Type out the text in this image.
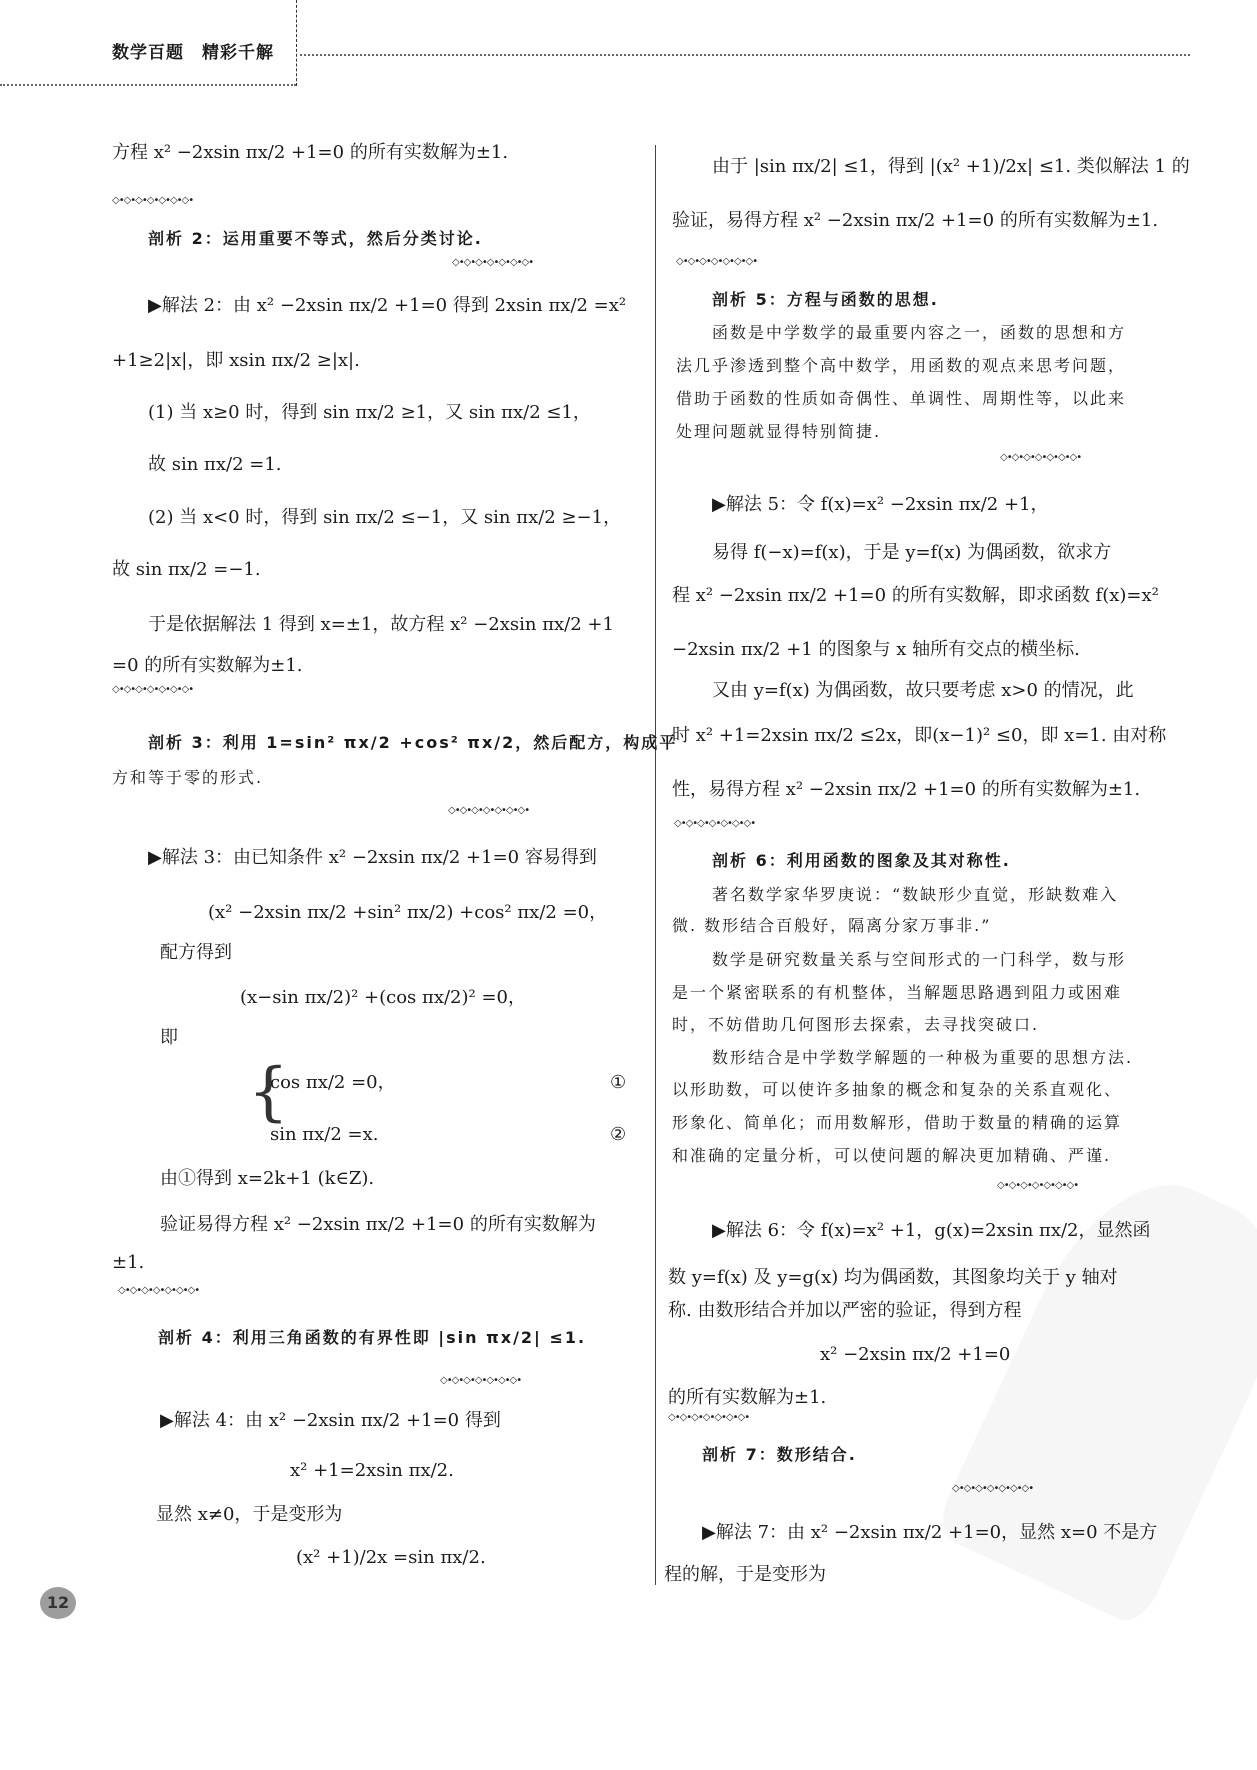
数学百题　精彩千解
方程 x² −2xsin πx/2 +1=0 的所有实数解为±1.
◇•◇•◇•◇•◇•◇•◇•
剖析 2：运用重要不等式，然后分类讨论.
◇•◇•◇•◇•◇•◇•◇•
▶解法 2：由 x² −2xsin πx/2 +1=0 得到 2xsin πx/2 =x²
+1≥2|x|，即 xsin πx/2 ≥|x|.
(1) 当 x≥0 时，得到 sin πx/2 ≥1，又 sin πx/2 ≤1，
故 sin πx/2 =1.
(2) 当 x<0 时，得到 sin πx/2 ≤−1，又 sin πx/2 ≥−1，
故 sin πx/2 =−1.
于是依据解法 1 得到 x=±1，故方程 x² −2xsin πx/2 +1
=0 的所有实数解为±1.
◇•◇•◇•◇•◇•◇•◇•
剖析 3：利用 1=sin² πx/2 +cos² πx/2，然后配方，构成平
方和等于零的形式.
◇•◇•◇•◇•◇•◇•◇•
▶解法 3：由已知条件 x² −2xsin πx/2 +1=0 容易得到
(x² −2xsin πx/2 +sin² πx/2) +cos² πx/2 =0，
配方得到
(x−sin πx/2)² +(cos πx/2)² =0，
即
{
cos πx/2 =0，	①
sin πx/2 =x.	②
由①得到 x=2k+1 (k∈Z).
验证易得方程 x² −2xsin πx/2 +1=0 的所有实数解为
±1.
◇•◇•◇•◇•◇•◇•◇•
剖析 4：利用三角函数的有界性即 |sin πx/2| ≤1.
◇•◇•◇•◇•◇•◇•◇•
▶解法 4：由 x² −2xsin πx/2 +1=0 得到
x² +1=2xsin πx/2.
显然 x≠0，于是变形为
(x² +1)/2x =sin πx/2.
由于 |sin πx/2| ≤1，得到 |(x² +1)/2x| ≤1. 类似解法 1 的
验证，易得方程 x² −2xsin πx/2 +1=0 的所有实数解为±1.
◇•◇•◇•◇•◇•◇•◇•
剖析 5：方程与函数的思想.
函数是中学数学的最重要内容之一，函数的思想和方
法几乎渗透到整个高中数学，用函数的观点来思考问题，
借助于函数的性质如奇偶性、单调性、周期性等，以此来
处理问题就显得特别简捷.
◇•◇•◇•◇•◇•◇•◇•
▶解法 5：令 f(x)=x² −2xsin πx/2 +1，
易得 f(−x)=f(x)，于是 y=f(x) 为偶函数，欲求方
程 x² −2xsin πx/2 +1=0 的所有实数解，即求函数 f(x)=x²
−2xsin πx/2 +1 的图象与 x 轴所有交点的横坐标.
又由 y=f(x) 为偶函数，故只要考虑 x>0 的情况，此
时 x² +1=2xsin πx/2 ≤2x，即(x−1)² ≤0，即 x=1. 由对称
性，易得方程 x² −2xsin πx/2 +1=0 的所有实数解为±1.
◇•◇•◇•◇•◇•◇•◇•
剖析 6：利用函数的图象及其对称性.
著名数学家华罗庚说：“数缺形少直觉，形缺数难入
微. 数形结合百般好，隔离分家万事非.”
数学是研究数量关系与空间形式的一门科学，数与形
是一个紧密联系的有机整体，当解题思路遇到阻力或困难
时，不妨借助几何图形去探索，去寻找突破口.
数形结合是中学数学解题的一种极为重要的思想方法.
以形助数，可以使许多抽象的概念和复杂的关系直观化、
形象化、简单化；而用数解形，借助于数量的精确的运算
和准确的定量分析，可以使问题的解决更加精确、严谨.
◇•◇•◇•◇•◇•◇•◇•
▶解法 6：令 f(x)=x² +1，g(x)=2xsin πx/2，显然函
数 y=f(x) 及 y=g(x) 均为偶函数，其图象均关于 y 轴对
称. 由数形结合并加以严密的验证，得到方程
x² −2xsin πx/2 +1=0
的所有实数解为±1.
◇•◇•◇•◇•◇•◇•◇•
剖析 7：数形结合.
◇•◇•◇•◇•◇•◇•◇•
▶解法 7：由 x² −2xsin πx/2 +1=0，显然 x=0 不是方
程的解，于是变形为
12
